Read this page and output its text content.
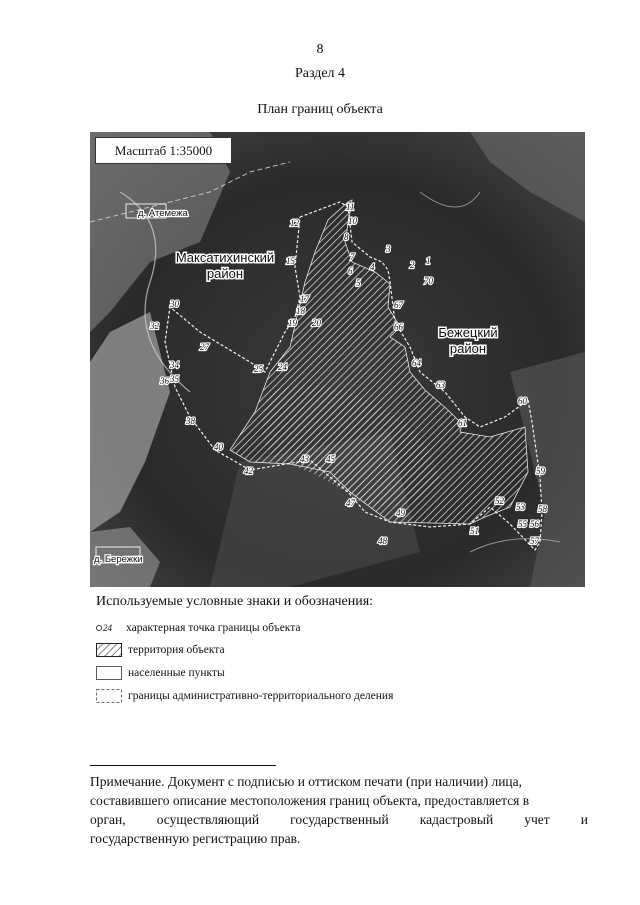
8
Раздел 4
План границ объекта
д. Атемежа
д. Бережки
Максатихинский
район
Бежецкий
район
1
2
3
4
5
6
7
8
10
11
12
15
17
18
19 20
24
25
27
30
32
34
35
36
38
40
42
43 45
47
48
49
51
52
53
55 56
57
58
59
60
61
63
64
66
67
70
Масштаб 1:35000
Используемые условные знаки и обозначения:
24 характерная точка границы объекта
территория объекта
населенные пункты
границы административно-территориального деления
Примечание. Документ с подписью и оттиском печати (при наличии) лица,
составившего описание местоположения границ объекта, предоставляется в
орган, осуществляющий государственный кадастровый учет и
государственную регистрацию прав.
